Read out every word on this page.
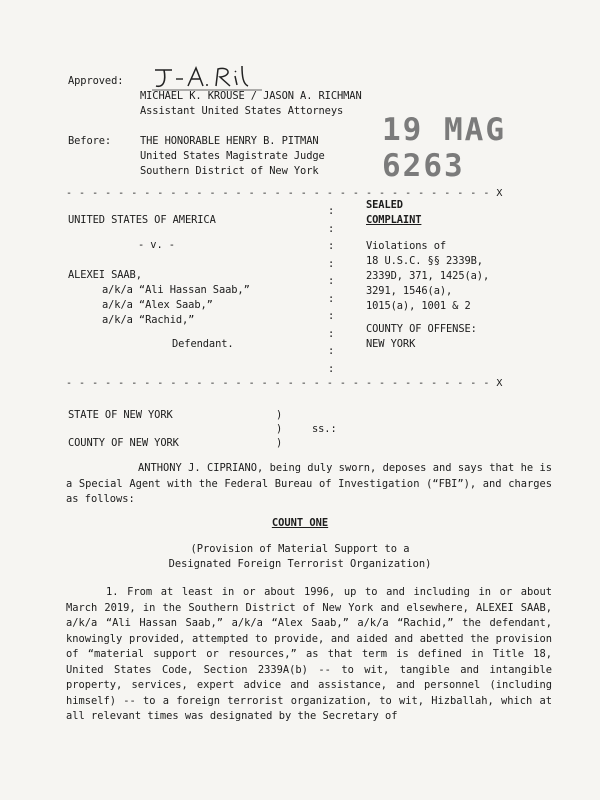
Approved:
MICHAEL K. KROUSE / JASON A. RICHMAN
Assistant United States Attorneys
19 MAG 6263
Before:	THE HONORABLE HENRY B. PITMAN
United States Magistrate Judge
Southern District of New York
- - - - - - - - - - - - - - - - - - - - - - - - - - - - - - - - - X
:
:
:
:
:
:
:
:
:
:
UNITED STATES OF AMERICA
- v. -
ALEXEI SAAB,
a/k/a “Ali Hassan Saab,”
a/k/a “Alex Saab,”
a/k/a “Rachid,”
Defendant.
SEALED
COMPLAINT
Violations of
18 U.S.C. §§ 2339B,
2339D, 371, 1425(a),
3291, 1546(a),
1015(a), 1001 & 2
COUNTY OF OFFENSE:
NEW YORK
- - - - - - - - - - - - - - - - - - - - - - - - - - - - - - - - - X
STATE OF NEW YORK
COUNTY OF NEW YORK
)
)
)
ss.:
ANTHONY J. CIPRIANO, being duly sworn, deposes and says that he is a Special Agent with the Federal Bureau of Investigation (“FBI”), and charges as follows:
COUNT ONE
(Provision of Material Support to a
Designated Foreign Terrorist Organization)
1. From at least in or about 1996, up to and including in or about March 2019, in the Southern District of New York and elsewhere, ALEXEI SAAB, a/k/a “Ali Hassan Saab,” a/k/a “Alex Saab,” a/k/a “Rachid,” the defendant, knowingly provided, attempted to provide, and aided and abetted the provision of “material support or resources,” as that term is defined in Title 18, United States Code, Section 2339A(b) -- to wit, tangible and intangible property, services, expert advice and assistance, and personnel (including himself) -- to a foreign terrorist organization, to wit, Hizballah, which at all relevant times was designated by the Secretary of
